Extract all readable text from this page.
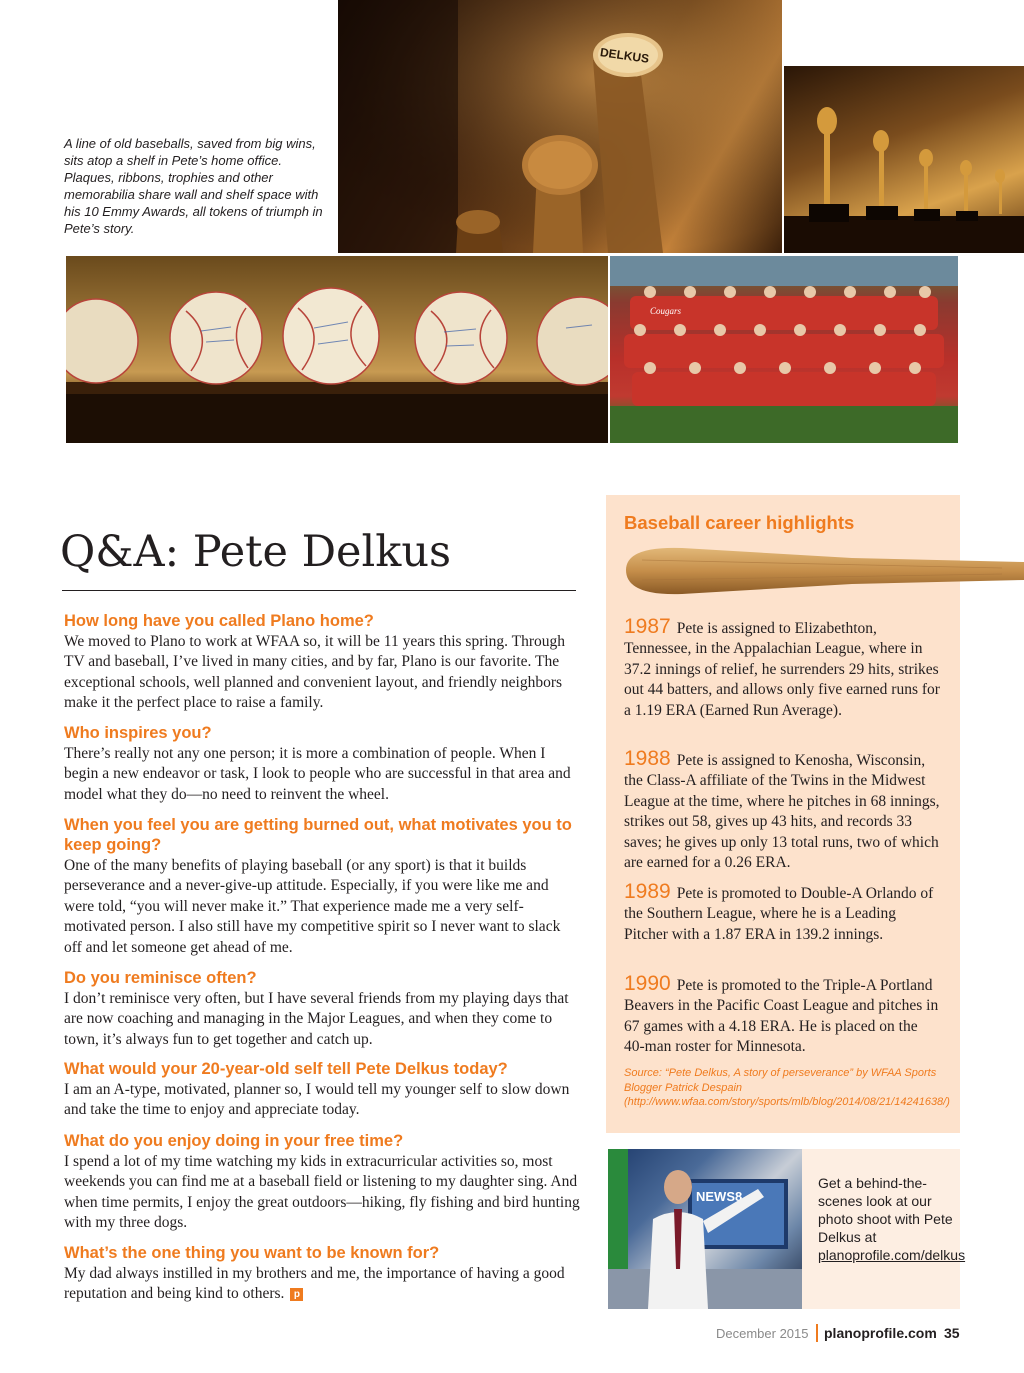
DELKUS
A line of old baseballs, saved from big wins, sits atop a shelf in Pete’s home office. Plaques, ribbons, trophies and other memorabilia share wall and shelf space with his 10 Emmy Awards, all tokens of triumph in Pete’s story.
Cougars
Q&A: Pete Delkus
How long have you called Plano home?
We moved to Plano to work at WFAA so, it will be 11 years this spring. Through TV and baseball, I’ve lived in many cities, and by far, Plano is our favorite. The exceptional schools, well planned and convenient layout, and friendly neighbors make it the perfect place to raise a family.
Who inspires you?
There’s really not any one person; it is more a combination of people. When I begin a new endeavor or task, I look to people who are successful in that area and model what they do—no need to reinvent the wheel.
When you feel you are getting burned out, what motivates you to keep going?
One of the many benefits of playing baseball (or any sport) is that it builds perseverance and a never-give-up attitude. Especially, if you were like me and were told, “you will never make it.” That experience made me a very self-motivated person. I also still have my competitive spirit so I never want to slack off and let someone get ahead of me.
Do you reminisce often?
I don’t reminisce very often, but I have several friends from my playing days that are now coaching and managing in the Major Leagues, and when they come to town, it’s always fun to get together and catch up.
What would your 20-year-old self tell Pete Delkus today?
I am an A-type, motivated, planner so, I would tell my younger self to slow down and take the time to enjoy and appreciate today.
What do you enjoy doing in your free time?
I spend a lot of my time watching my kids in extracurricular activities so, most weekends you can find me at a baseball field or listening to my daughter sing. And when time permits, I enjoy the great outdoors—hiking, fly fishing and bird hunting with my three dogs.
What’s the one thing you want to be known for?
My dad always instilled in my brothers and me, the importance of having a good reputation and being kind to others. p
Baseball career highlights
1987 Pete is assigned to Elizabethton, Tennessee, in the Appalachian League, where in 37.2 innings of relief, he surrenders 29 hits, strikes out 44 batters, and allows only five earned runs for a 1.19 ERA (Earned Run Average).
1988 Pete is assigned to Kenosha, Wisconsin, the Class-A affiliate of the Twins in the Midwest League at the time, where he pitches in 68 innings, strikes out 58, gives up 43 hits, and records 33 saves; he gives up only 13 total runs, two of which are earned for a 0.26 ERA.
1989 Pete is promoted to Double-A Orlando of the Southern League, where he is a Leading Pitcher with a 1.87 ERA in 139.2 innings.
1990 Pete is promoted to the Triple-A Portland Beavers in the Pacific Coast League and pitches in 67 games with a 4.18 ERA. He is placed on the 40-man roster for Minnesota.
Source: “Pete Delkus, A story of perseverance” by WFAA Sports Blogger Patrick Despain (http://www.wfaa.com/story/sports/mlb/blog/2014/08/21/14241638/)
NEWS8
Get a behind-the-scenes look at our photo shoot with Pete Delkus at planoprofile.com/delkus
December 2015 planoprofile.com 35
